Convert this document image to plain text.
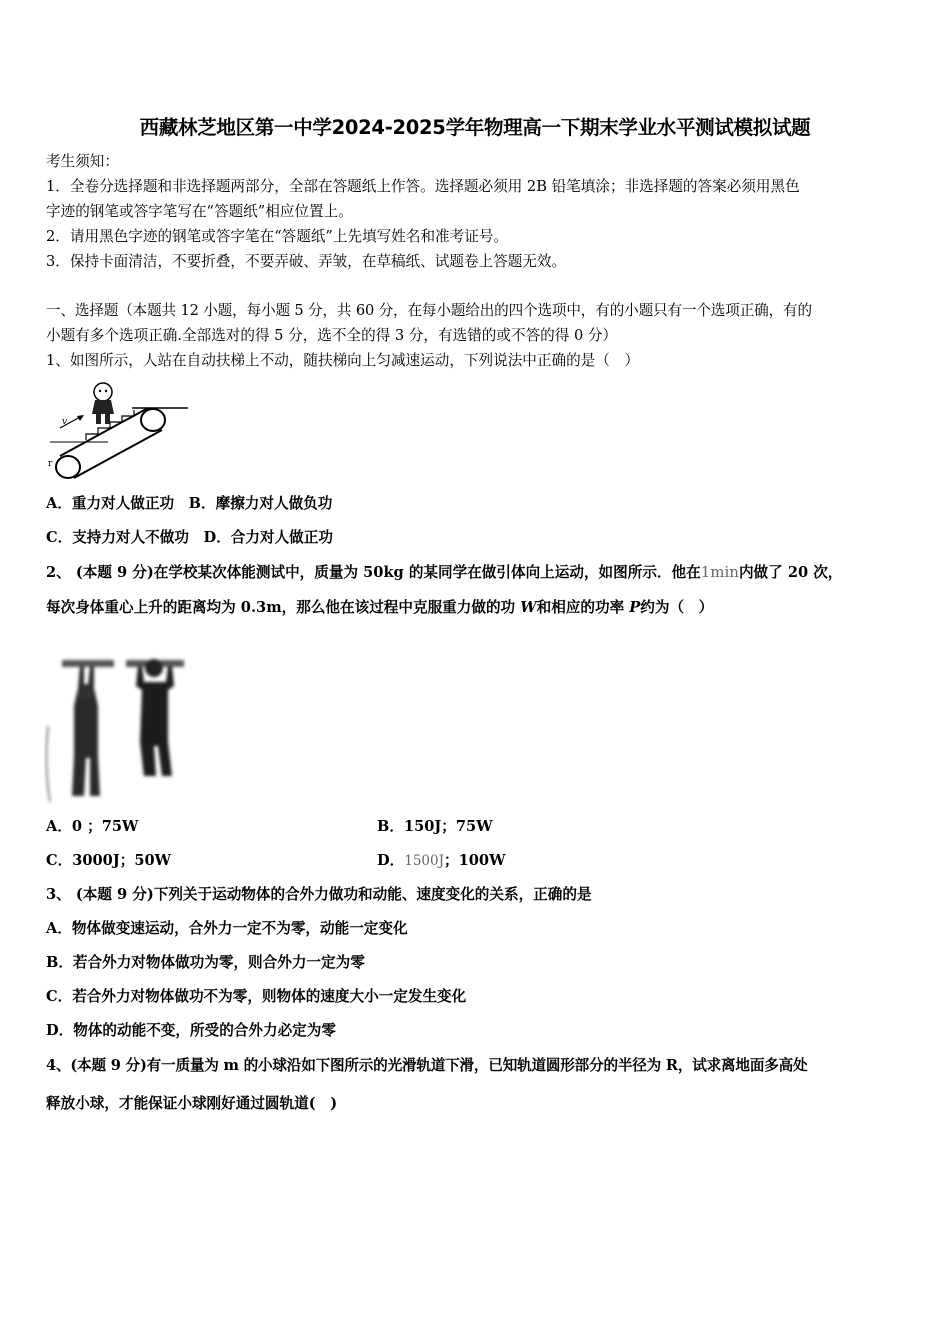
西藏林芝地区第一中学2024-2025学年物理高一下期末学业水平测试模拟试题
考生须知：
1．全卷分选择题和非选择题两部分，全部在答题纸上作答。选择题必须用 2B 铅笔填涂；非选择题的答案必须用黑色
字迹的钢笔或答字笔写在“答题纸”相应位置上。
2．请用黑色字迹的钢笔或答字笔在“答题纸”上先填写姓名和准考证号。
3．保持卡面清洁，不要折叠，不要弄破、弄皱，在草稿纸、试题卷上答题无效。
一、选择题（本题共 12 小题，每小题 5 分，共 60 分，在每小题给出的四个选项中，有的小题只有一个选项正确，有的
小题有多个选项正确.全部选对的得 5 分，选不全的得 3 分，有选错的或不答的得 0 分）
1、如图所示，人站在自动扶梯上不动，随扶梯向上匀减速运动，下列说法中正确的是（　）
v
r
A．重力对人做正功　B．摩擦力对人做负功
C．支持力对人不做功　D．合力对人做正功
2、 (本题 9 分)在学校某次体能测试中，质量为 50kg 的某同学在做引体向上运动，如图所示．他在1min内做了 20 次，
每次身体重心上升的距离均为 0.3m，那么他在该过程中克服重力做的功 W和相应的功率 P约为（　）
A．0 ；75W	B．150J；75W
C．3000J；50W	D．1500J；100W
3、 (本题 9 分)下列关于运动物体的合外力做功和动能、速度变化的关系，正确的是
A．物体做变速运动，合外力一定不为零，动能一定变化
B．若合外力对物体做功为零，则合外力一定为零
C．若合外力对物体做功不为零，则物体的速度大小一定发生变化
D．物体的动能不变，所受的合外力必定为零
4、(本题 9 分)有一质量为 m 的小球沿如下图所示的光滑轨道下滑，已知轨道圆形部分的半径为 R，试求离地面多高处
释放小球，才能保证小球刚好通过圆轨道(　)
